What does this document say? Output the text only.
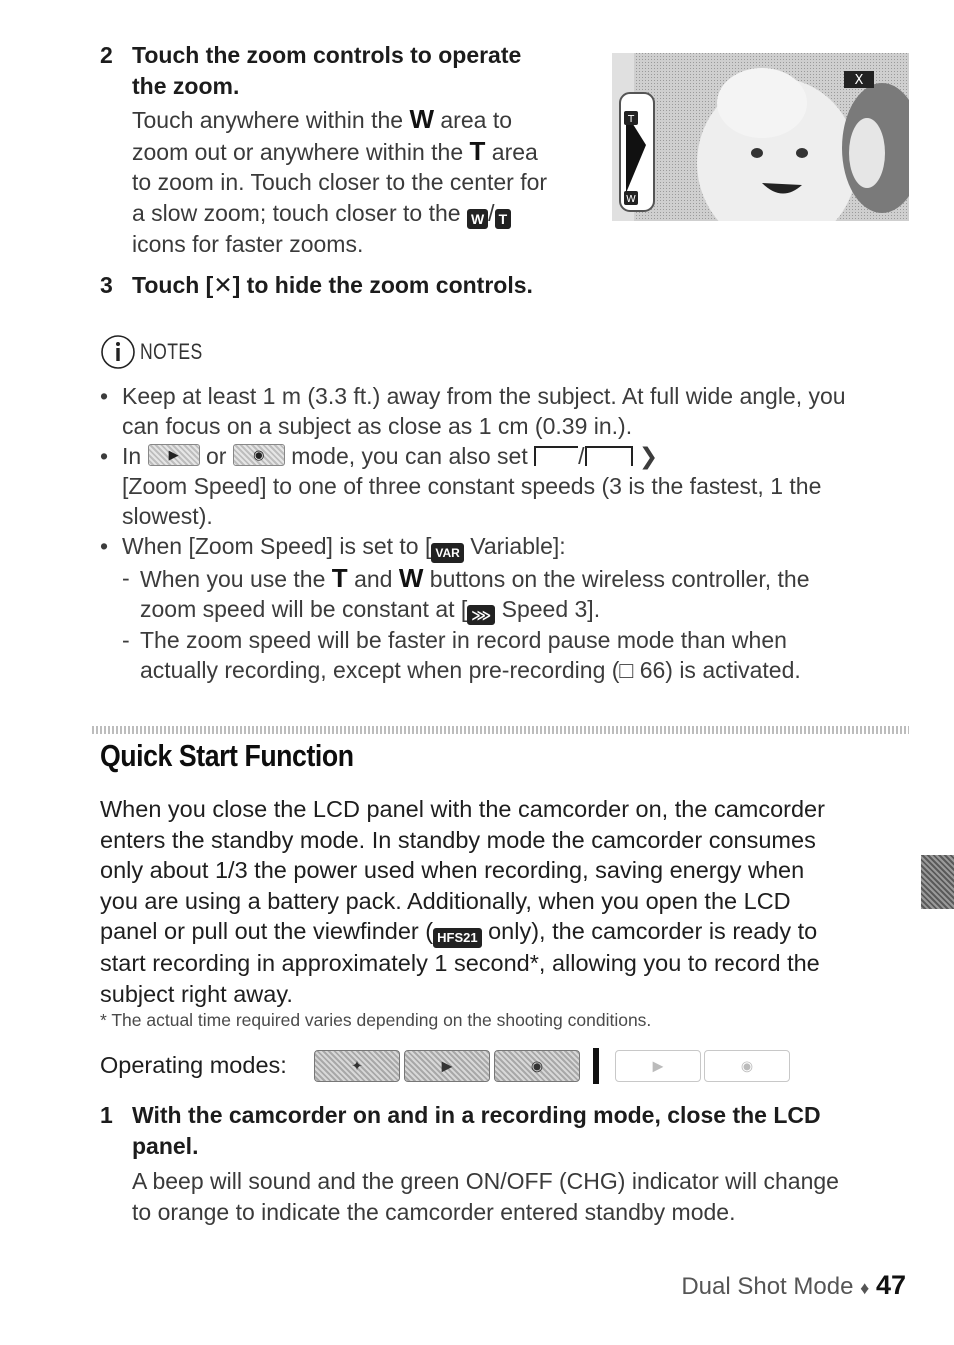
2 Touch the zoom controls to operate
the zoom.
Touch anywhere within the W area to
zoom out or anywhere within the T area
to zoom in. Touch closer to the center for
a slow zoom; touch closer to the W / T
icons for faster zooms.
T
W
X
3 Touch [✕] to hide the zoom controls.
NOTES
• Keep at least 1 m (3.3 ft.) away from the subject. At full wide angle, you
can focus on a subject as close as 1 cm (0.39 in.).
• In ▶ or ◉ mode, you can also set / ❯
[Zoom Speed] to one of three constant speeds (3 is the fastest, 1 the
slowest).
• When [Zoom Speed] is set to [ VAR Variable]:
- When you use the T and W buttons on the wireless controller, the
zoom speed will be constant at [ ⋙ Speed 3].
- The zoom speed will be faster in record pause mode than when
actually recording, except when pre-recording (□ 66) is activated.
Quick Start Function
When you close the LCD panel with the camcorder on, the camcorder
enters the standby mode. In standby mode the camcorder consumes
only about 1/3 the power used when recording, saving energy when
you are using a battery pack. Additionally, when you open the LCD
panel or pull out the viewfinder ( HFS21 only), the camcorder is ready to
start recording in approximately 1 second*, allowing you to record the
subject right away.
* The actual time required varies depending on the shooting conditions.
Operating modes:	✦	▶	◉	▶	◉
1 With the camcorder on and in a recording mode, close the LCD
panel.
A beep will sound and the green ON/OFF (CHG) indicator will change
to orange to indicate the camcorder entered standby mode.
Dual Shot Mode ♦ 47
